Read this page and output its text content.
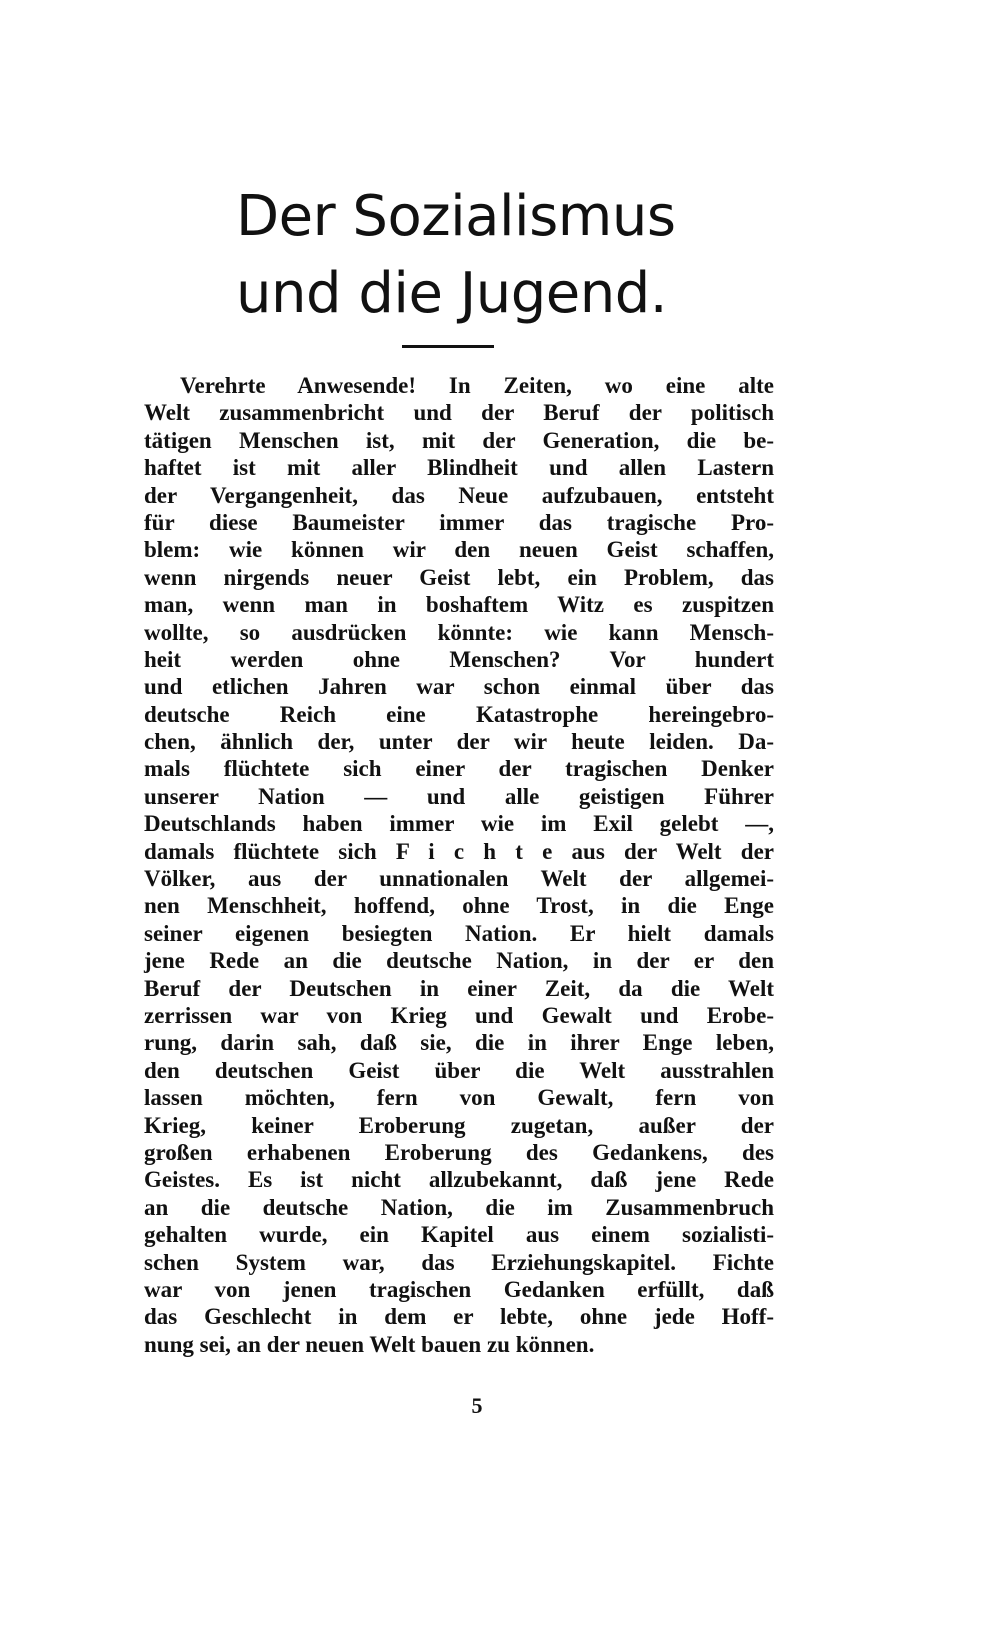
Der Sozialismus
und die Jugend.
Verehrte Anwesende! In Zeiten, wo eine alte
Welt zusammenbricht und der Beruf der politisch
tätigen Menschen ist, mit der Generation, die be-
haftet ist mit aller Blindheit und allen Lastern
der Vergangenheit, das Neue aufzubauen, entsteht
für diese Baumeister immer das tragische Pro-
blem: wie können wir den neuen Geist schaffen,
wenn nirgends neuer Geist lebt, ein Problem, das
man, wenn man in boshaftem Witz es zuspitzen
wollte, so ausdrücken könnte: wie kann Mensch-
heit werden ohne Menschen? Vor hundert
und etlichen Jahren war schon einmal über das
deutsche Reich eine Katastrophe hereingebro-
chen, ähnlich der, unter der wir heute leiden. Da-
mals flüchtete sich einer der tragischen Denker
unserer Nation — und alle geistigen Führer
Deutschlands haben immer wie im Exil gelebt —,
damals flüchtete sich F i c h t e aus der Welt der
Völker, aus der unnationalen Welt der allgemei-
nen Menschheit, hoffend, ohne Trost, in die Enge
seiner eigenen besiegten Nation. Er hielt damals
jene Rede an die deutsche Nation, in der er den
Beruf der Deutschen in einer Zeit, da die Welt
zerrissen war von Krieg und Gewalt und Erobe-
rung, darin sah, daß sie, die in ihrer Enge leben,
den deutschen Geist über die Welt ausstrahlen
lassen möchten, fern von Gewalt, fern von
Krieg, keiner Eroberung zugetan, außer der
großen erhabenen Eroberung des Gedankens, des
Geistes. Es ist nicht allzubekannt, daß jene Rede
an die deutsche Nation, die im Zusammenbruch
gehalten wurde, ein Kapitel aus einem sozialisti-
schen System war, das Erziehungskapitel. Fichte
war von jenen tragischen Gedanken erfüllt, daß
das Geschlecht in dem er lebte, ohne jede Hoff-
nung sei, an der neuen Welt bauen zu können.
5
